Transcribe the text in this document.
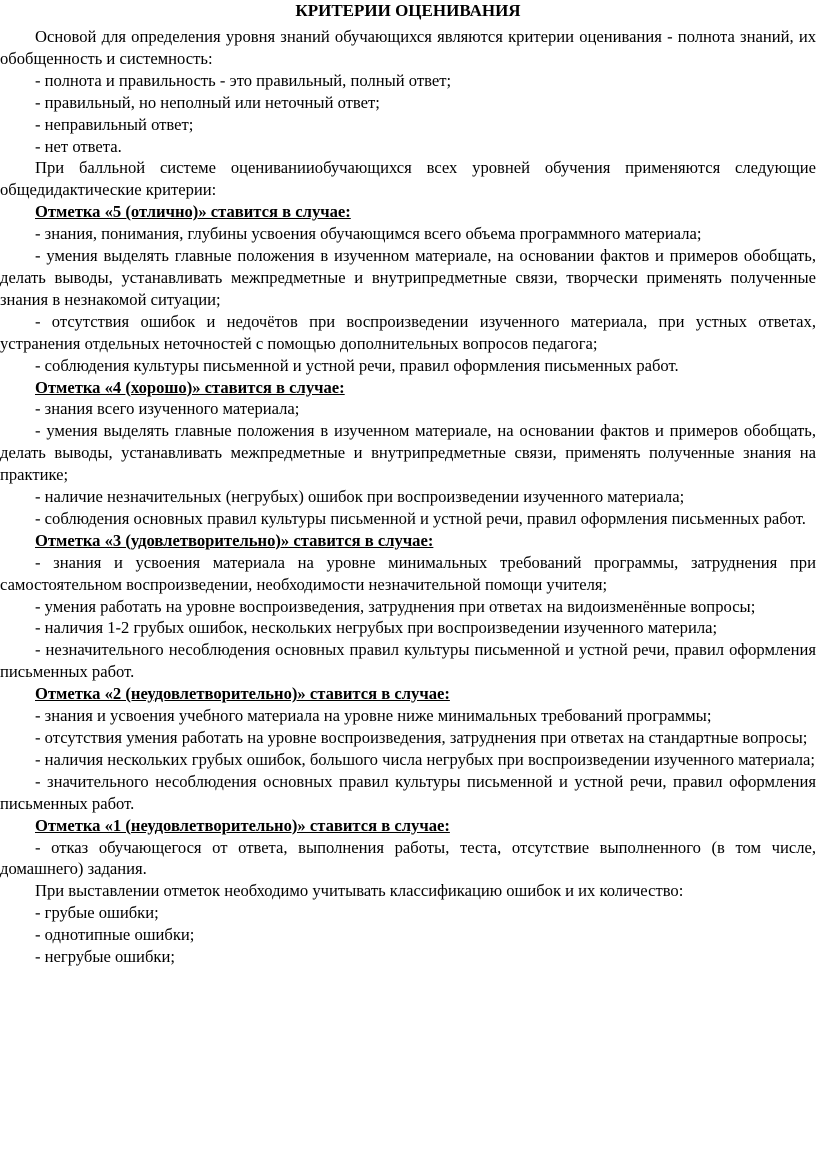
КРИТЕРИИ ОЦЕНИВАНИЯ

Основой для определения уровня знаний обучающихся являются критерии оценивания - полнота знаний, их обобщенность и системность:

- полнота и правильность - это правильный, полный ответ;

- правильный, но неполный или неточный ответ;

- неправильный ответ;

- нет ответа.

При балльной системе оцениванииобучающихся всех уровней обучения применяются следующие общедидактические критерии:

Отметка «5 (отлично)» ставится в случае:

- знания, понимания, глубины усвоения обучающимся всего объема программного материала;

- умения выделять главные положения в изученном материале, на основании фактов и примеров обобщать, делать выводы, устанавливать межпредметные и внутрипредметные связи, творчески применять полученные знания в незнакомой ситуации;

- отсутствия ошибок и недочётов при воспроизведении изученного материала, при устных ответах, устранения отдельных неточностей с помощью дополнительных вопросов педагога;

- соблюдения культуры письменной и устной речи, правил оформления письменных работ.

Отметка «4 (хорошо)» ставится в случае:

- знания всего изученного материала;

- умения выделять главные положения в изученном материале, на основании фактов и примеров обобщать, делать выводы, устанавливать межпредметные и внутрипредметные связи, применять полученные знания на практике;

- наличие незначительных (негрубых) ошибок при воспроизведении изученного материала;

- соблюдения основных правил культуры письменной и устной речи, правил оформления письменных работ.

Отметка «3 (удовлетворительно)» ставится в случае:

- знания и усвоения материала на уровне минимальных требований программы, затруднения при самостоятельном воспроизведении, необходимости незначительной помощи учителя;

- умения работать на уровне воспроизведения, затруднения при ответах на видоизменённые вопросы;

- наличия 1-2 грубых ошибок, нескольких негрубых при воспроизведении изученного материла;

- незначительного несоблюдения основных правил культуры письменной и устной речи, правил оформления письменных работ.

Отметка «2 (неудовлетворительно)» ставится в случае:

- знания и усвоения учебного материала на уровне ниже минимальных требований программы;

- отсутствия умения работать на уровне воспроизведения, затруднения при ответах на стандартные вопросы;

- наличия нескольких грубых ошибок, большого числа негрубых при воспроизведении изученного материала;

- значительного несоблюдения основных правил культуры письменной и устной речи, правил оформления письменных работ.

Отметка «1 (неудовлетворительно)» ставится в случае:

- отказ обучающегося от ответа, выполнения работы, теста, отсутствие выполненного (в том числе, домашнего) задания.

При выставлении отметок необходимо учитывать классификацию ошибок и их количество:

- грубые ошибки;

- однотипные ошибки;

- негрубые ошибки;
